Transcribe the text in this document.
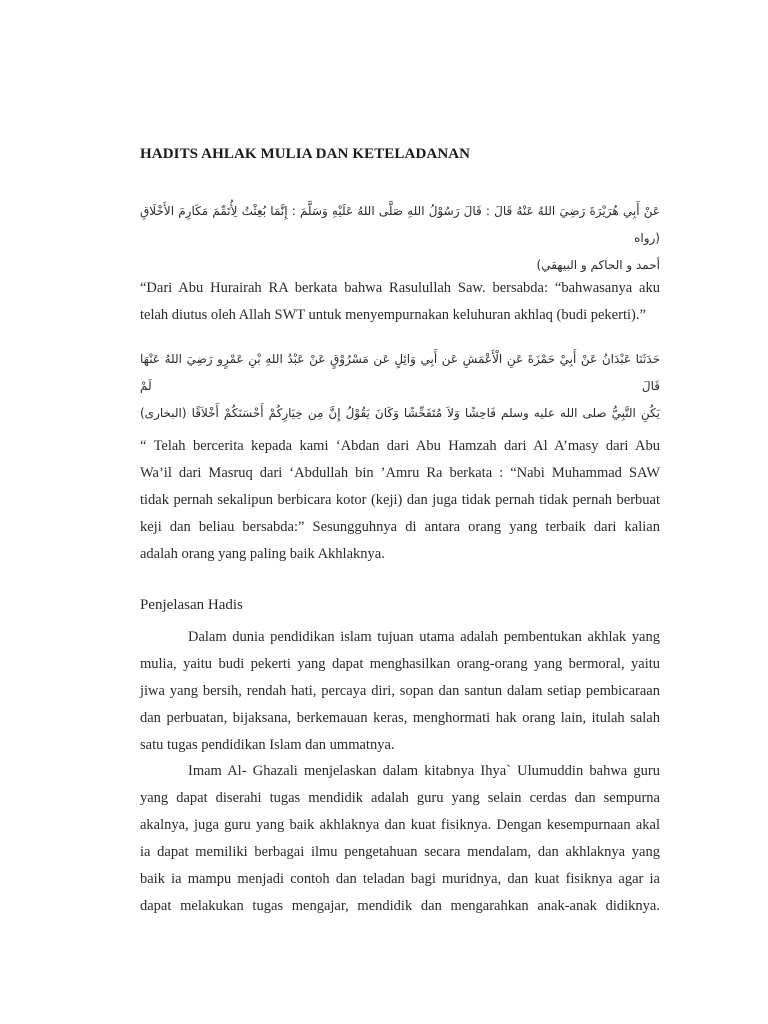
HADITS AHLAK MULIA DAN KETELADANAN
عَنْ أَبِي هُرَيْرَةَ رَضِيَ اللهُ عَنْهُ قَالَ : قَالَ رَسُوْلُ اللهِ صَلَّى اللهُ عَلَيْهِ وَسَلَّمَ : إِنَّمَا بُعِثْتُ لِأُتَمِّمَ مَكَارِمَ الأَخْلَاقِ (رواه
أحمد و الحاكم و البيهقي)
“Dari Abu Hurairah RA berkata bahwa Rasulullah Saw. bersabda: “bahwasanya aku
telah diutus oleh Allah SWT untuk menyempurnakan keluhuran akhlaq (budi pekerti).”
حَدَثَنَا عَبْدَانُ عَنْ أَبِيْ حَمْزَةَ عَنِ الْأَعْمَشِ عَن أَبِي وَائِلٍ عَن مَسْرُوْقٍ عَنْ عَبْدُ اللهِ بْنِ عَمْرٍو رَضِيَ اللهُ عَنْهَا قَالَ لَمْ
يَكُنِ النَّبِيُّ صلى الله عليه وسلم فَاحِشًا وَلاَ مُتَفَحِّشًا وَكَانَ يَقُوْلُ إِنَّ مِن خِيَارِكُمْ أَحْسَنَكُمْ أَخْلاَقًا (البخارى)
“ Telah bercerita kepada kami ‘Abdan dari Abu Hamzah dari Al A’masy dari Abu
Wa’il dari Masruq dari ‘Abdullah bin ’Amru Ra berkata : “Nabi Muhammad SAW
tidak pernah sekalipun berbicara kotor (keji) dan juga tidak pernah tidak pernah berbuat
keji dan beliau bersabda:” Sesungguhnya di antara orang yang terbaik dari kalian
adalah orang yang paling baik Akhlaknya.
Penjelasan Hadis
Dalam dunia pendidikan islam tujuan utama adalah pembentukan akhlak yang
mulia, yaitu budi pekerti yang dapat menghasilkan orang-orang yang bermoral, yaitu
jiwa yang bersih, rendah hati, percaya diri, sopan dan santun dalam setiap pembicaraan
dan perbuatan, bijaksana, berkemauan keras, menghormati hak orang lain, itulah salah
satu tugas pendidikan Islam dan ummatnya.
Imam Al- Ghazali menjelaskan dalam kitabnya Ihya` Ulumuddin bahwa guru
yang dapat diserahi tugas mendidik adalah guru yang selain cerdas dan sempurna
akalnya, juga guru yang baik akhlaknya dan kuat fisiknya. Dengan kesempurnaan akal
ia dapat memiliki berbagai ilmu pengetahuan secara mendalam, dan akhlaknya yang
baik ia mampu menjadi contoh dan teladan bagi muridnya, dan kuat fisiknya agar ia
dapat melakukan tugas mengajar, mendidik dan mengarahkan anak-anak didiknya.
